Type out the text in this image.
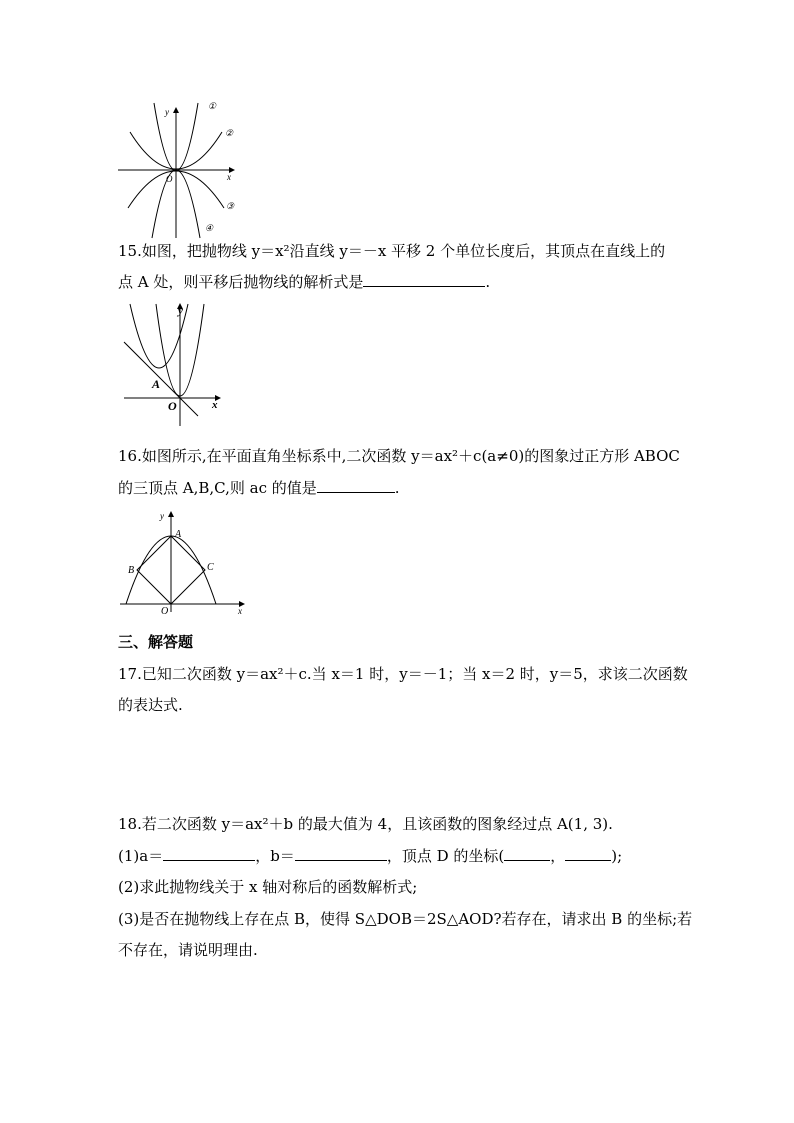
y
x
O
①
②
③
④
15.如图，把抛物线 y＝x²沿直线 y＝－x 平移 2 个单位长度后，其顶点在直线上的
点 A 处，则平移后抛物线的解析式是	.
y
x
O
A
16.如图所示,在平面直角坐标系中,二次函数 y＝ax²＋c(a≠0)的图象过正方形 ABOC
的三顶点 A,B,C,则 ac 的值是	.
y
x
O
A
B	C
三、解答题
17.已知二次函数 y＝ax²＋c.当 x＝1 时，y＝－1；当 x＝2 时，y＝5，求该二次函数
的表达式.
18.若二次函数 y＝ax²＋b 的最大值为 4，且该函数的图象经过点 A(1, 3).
(1)a＝	，b＝	，顶点 D 的坐标(	，	);
(2)求此抛物线关于 x 轴对称后的函数解析式;
(3)是否在抛物线上存在点 B，使得 S△DOB＝2S△AOD?若存在，请求出 B 的坐标;若
不存在，请说明理由.
